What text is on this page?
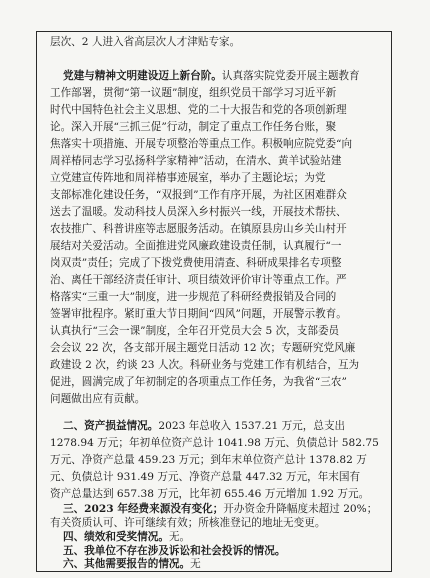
层次、2 人进入省高层次人才津贴专家。
党建与精神文明建设迈上新台阶。认真落实院党委开展主题教育
工作部署，贯彻“第一议题”制度，组织党员干部学习习近平新
时代中国特色社会主义思想、党的二十大报告和党的各项创新理
论。深入开展“三抓三促”行动，制定了重点工作任务台账，聚
焦落实十项措施、开展专项整治等重点工作。积极响应院党委“向
周祥椿同志学习弘扬科学家精神”活动，在清水、黄羊试验站建
立党建宣传阵地和周祥椿事迹展室，举办了主题论坛；为党
支部标准化建设任务，“双报到”工作有序开展，为社区困难群众
送去了温暖。发动科技人员深入乡村振兴一线，开展技术帮扶、
农技推广、科普讲座等志愿服务活动。在镇原县房山乡关山村开
展结对关爱活动。全面推进党风廉政建设责任制，认真履行“一
岗双责”责任；完成了下拨党费使用清查、科研成果排名专项整
治、离任干部经济责任审计、项目绩效评价审计等重点工作。严
格落实“三重一大”制度，进一步规范了科研经费报销及合同的
签署审批程序。紧盯重大节日期间“四风”问题，开展警示教育。
认真执行“三会一课”制度，全年召开党员大会 5 次，支部委员
会会议 22 次，各支部开展主题党日活动 12 次；专题研究党风廉
政建设 2 次，约谈 23 人次。科研业务与党建工作有机结合，互为
促进，圆满完成了年初制定的各项重点工作任务，为我省“三农”
问题做出应有贡献。
二、资产损益情况。2023 年总收入 1537.21 万元，总支出
1278.94 万元；年初单位资产总计 1041.98 万元、负债总计 582.75
万元、净资产总量 459.23 万元；到年末单位资产总计 1378.82 万
元、负债总计 931.49 万元、净资产总量 447.32 万元，年末国有
资产总量达到 657.38 万元，比年初 655.46 万元增加 1.92 万元。
三、2023 年经费来源没有变化；开办资金升降幅度未超过 20%；
有关资质认可、许可继续有效；所核准登记的地址无变更。
四、绩效和受奖情况。无。
五、我单位不存在涉及诉讼和社会投诉的情况。
六、其他需要报告的情况。无
